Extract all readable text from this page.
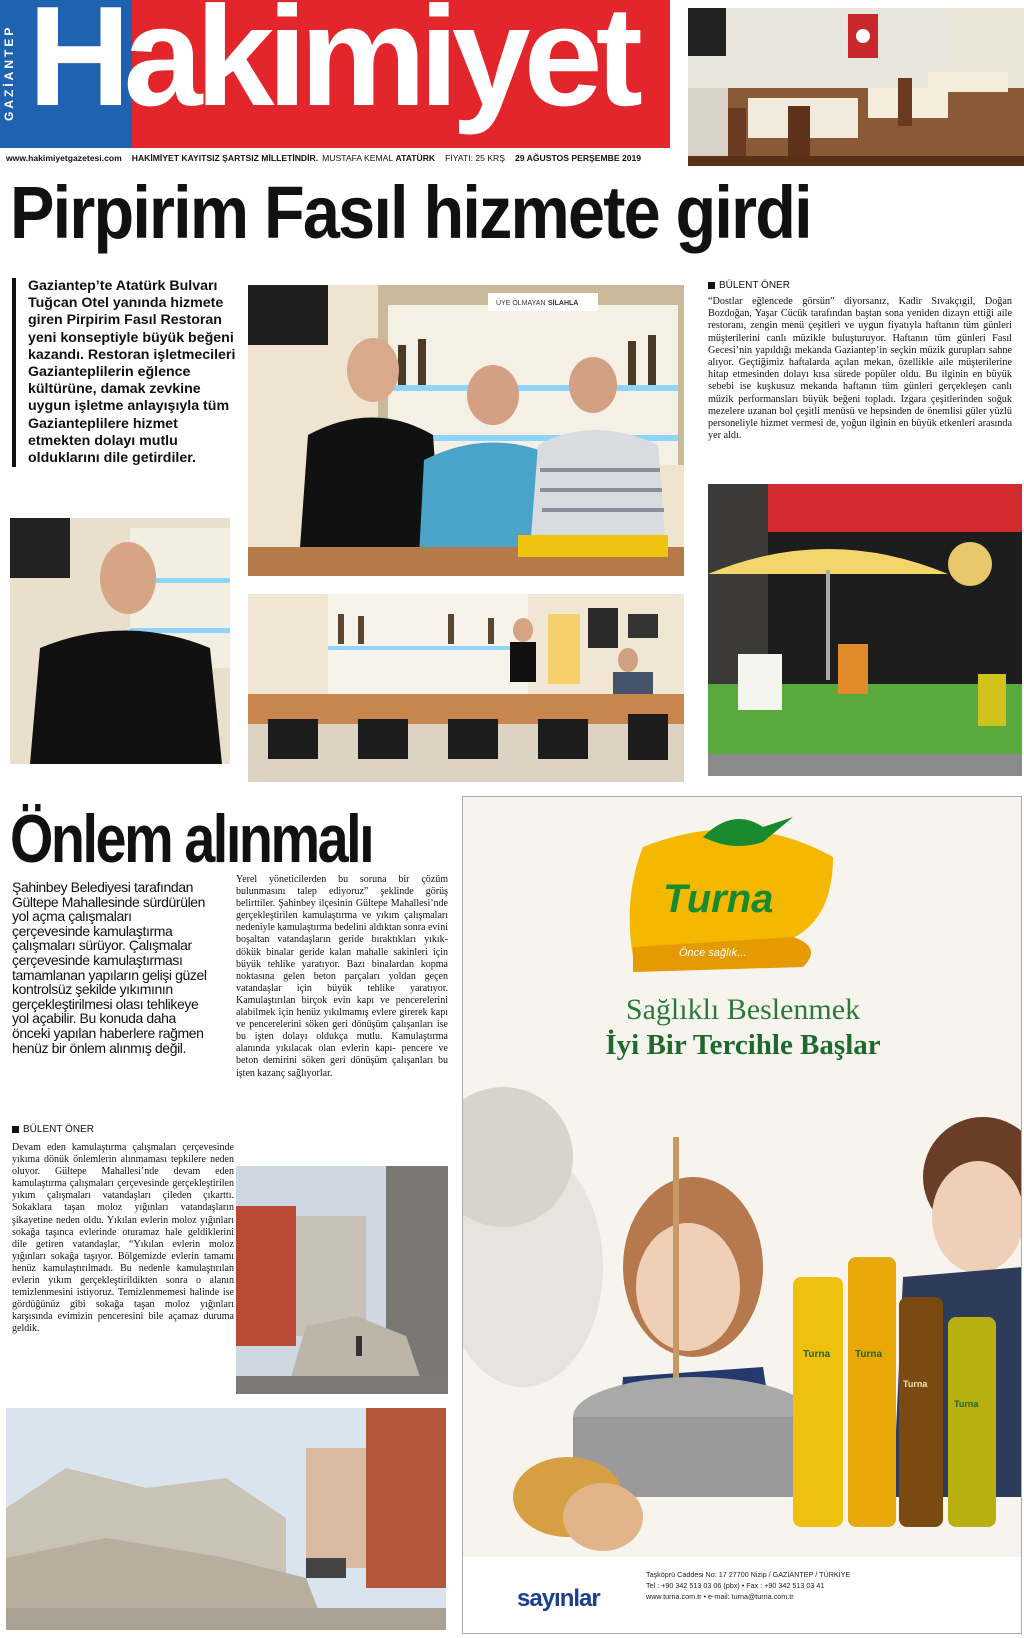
GAZİANTEP Hakimiyet
www.hakimiyetgazetesi.com HAKİMİYET KAYITSIZ ŞARTSIZ MİLLETİNDİR. MUSTAFA KEMAL ATATÜRK FİYATI: 25 KRŞ 29 AĞUSTOS PERŞEMBE 2019
Pirpirim Fasıl hizmete girdi
Gaziantep’te Atatürk Bulvarı Tuğcan Otel yanında hizmete giren Pirpirim Fasıl Restoran yeni konseptiyle büyük beğeni kazandı. Restoran işletmecileri Gazianteplilerin eğlence kültürüne, damak zevkine uygun işletme anlayışıyla tüm Gazianteplilere hizmet etmekten dolayı mutlu olduklarını dile getirdiler.
BÜLENT ÖNER
“Dostlar eğlencede görsün” diyorsanız, Kadir Sıvakçıgil, Doğan Bozdoğan, Yaşar Cücük tarafından baştan sona yeniden dizayn ettiği aile restoranı, zengin menü çeşitleri ve uygun fiyatıyla haftanın tüm günleri müşterilerini canlı müzikle buluşturuyor. Haftanın tüm günleri Fasıl Gecesi’nin yapıldığı mekanda Gaziantep’in seçkin müzik gurupları sahne alıyor. Geçtiğimiz haftalarda açılan mekan, özellikle aile müşterilerine hitap etmesinden dolayı kısa sürede popüler oldu. Bu ilginin en büyük sebebi ise kuşkusuz mekanda haftanın tüm günleri gerçekleşen canlı müzik performansları büyük beğeni topladı. Izgara çeşitlerinden soğuk mezelere uzanan bol çeşitli menüsü ve hepsinden de önemlisi güler yüzlü personeliyle hizmet vermesi de, yoğun ilginin en büyük etkenleri arasında yer aldı.
ÜYE OLMAYAN SİLAHLA
Önlem alınmalı
Şahinbey Belediyesi tarafından Gültepe Mahallesinde sürdürülen yol açma çalışmaları çerçevesinde kamulaştırma çalışmaları sürüyor. Çalışmalar çerçevesinde kamulaştırması tamamlanan yapıların gelişi güzel kontrolsüz şekilde yıkımının gerçekleştirilmesi olası tehlikeye yol açabilir. Bu konuda daha önceki yapılan haberlere rağmen henüz bir önlem alınmış değil.
BÜLENT ÖNER
Devam eden kamulaştırma çalışmaları çerçevesinde yıkıma dönük önlemlerin alınmaması tepkilere neden oluyor. Gültepe Mahallesi’nde devam eden kamulaştırma çalışmaları çerçevesinde gerçekleştirilen yıkım çalışmaları vatandaşları çileden çıkarttı. Sokaklara taşan moloz yığınları vatandaşların şikayetine neden oldu. Yıkılan evlerin moloz yığınları sokağa taşınca evlerinde oturamaz hale geldiklerini dile getiren vatandaşlar, “Yıkılan evlerin moloz yığınları sokağa taşıyor. Bölgemizde evlerin tamamı henüz kamulaştırılmadı. Bu nedenle kamulaştırılan evlerin yıkım gerçekleştirildikten sonra o alanın temizlenmesini istiyoruz. Temizlenmemesi halinde ise gördüğünüz gibi sokağa taşan moloz yığınları karşısında evimizin penceresini bile açamaz duruma geldik.
Yerel yöneticilerden bu soruna bir çözüm bulunmasını talep ediyoruz” şeklinde görüş belirttiler. Şahinbey ilçesinin Gültepe Mahallesi’nde gerçekleştirilen kamulaştırma ve yıkım çalışmaları nedeniyle kamulaştırma bedelini aldıktan sonra evini boşaltan vatandaşların geride bıraktıkları yıkık-dökük binalar geride kalan mahalle sakinleri için büyük tehlike yaratıyor. Bazı binalardan kopma noktasına gelen beton parçaları yoldan geçen vatandaşlar için büyük tehlike yaratıyor. Kamulaştırılan birçok evin kapı ve pencerelerini alabilmek için henüz yıkılmamış evlere girerek kapı ve pencerelerini söken geri dönüşüm çalışanları ise bu işten dolayı oldukça mutlu. Kamulaştırma alanında yıkılacak olan evlerin kapı- pencere ve beton demirini söken geri dönüşüm çalışanları bu işten kazanç sağlıyorlar.
Turna Turna
Turna
Turna
Turna
Önce sağlık...
Sağlıklı Beslenmek
İyi Bir Tercihle Başlar
sayınlar
Taşköprü Caddesi No: 17 27700 Nizip / GAZİANTEP / TÜRKİYE
Tel : +90 342 513 03 06 (pbx) • Fax : +90 342 513 03 41
www.turna.com.tr • e-mail: turna@turna.com.tr
